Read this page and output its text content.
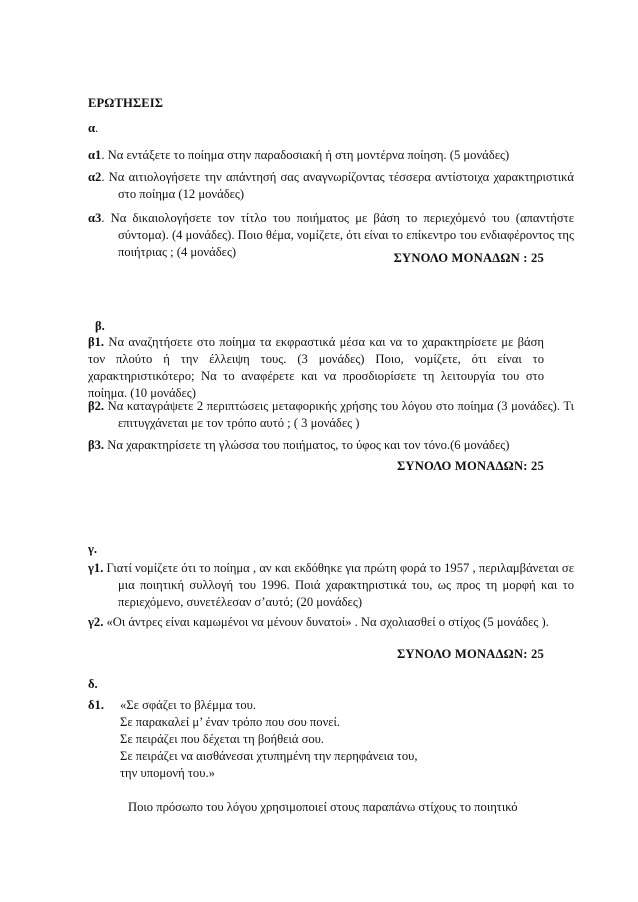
ΕΡΩΤΗΣΕΙΣ
α.
α1. Να εντάξετε το ποίημα στην παραδοσιακή ή στη μοντέρνα ποίηση. (5 μονάδες)
α2. Να αιτιολογήσετε την απάντησή σας αναγνωρίζοντας τέσσερα αντίστοιχα χαρακτηριστικά στο ποίημα (12 μονάδες)
α3. Να δικαιολογήσετε τον τίτλο του ποιήματος με βάση το περιεχόμενό του (απαντήστε σύντομα). (4 μονάδες). Ποιο θέμα, νομίζετε, ότι είναι το επίκεντρο του ενδιαφέροντος της ποιήτριας ; (4 μονάδες)	ΣΥΝΟΛΟ ΜΟΝΑΔΩΝ : 25
β.
β1. Να αναζητήσετε στο ποίημα τα εκφραστικά μέσα και να το χαρακτηρίσετε με βάση τον πλούτο ή την έλλειψη τους. (3 μονάδες) Ποιο, νομίζετε, ότι είναι το χαρακτηριστικότερο; Να το αναφέρετε και να προσδιορίσετε τη λειτουργία του στο ποίημα. (10 μονάδες)
β2. Να καταγράψετε 2 περιπτώσεις μεταφορικής χρήσης του λόγου στο ποίημα (3 μονάδες). Τι επιτυγχάνεται με τον τρόπο αυτό ; ( 3 μονάδες )
β3. Να χαρακτηρίσετε τη γλώσσα του ποιήματος, το ύφος και τον τόνο.(6 μονάδες)
ΣΥΝΟΛΟ ΜΟΝΑΔΩΝ: 25
γ.
γ1. Γιατί νομίζετε ότι το ποίημα , αν και εκδόθηκε για πρώτη φορά το 1957 , περιλαμβάνεται σε μια ποιητική συλλογή του 1996. Ποιά χαρακτηριστικά του, ως προς τη μορφή και το περιεχόμενο, συνετέλεσαν σ’αυτό; (20 μονάδες)
γ2. «Οι άντρες είναι καμωμένοι να μένουν δυνατοί» . Να σχολιασθεί ο στίχος (5 μονάδες ).
ΣΥΝΟΛΟ ΜΟΝΑΔΩΝ: 25
δ.
δ1. «Σε σφάζει το βλέμμα του.
Σε παρακαλεί μ’ έναν τρόπο που σου πονεί.
Σε πειράζει που δέχεται τη βοήθειά σου.
Σε πειράζει να αισθάνεσαι χτυπημένη την περηφάνεια του,
την υπομονή του.»
Ποιο πρόσωπο του λόγου χρησιμοποιεί στους παραπάνω στίχους το ποιητικό
